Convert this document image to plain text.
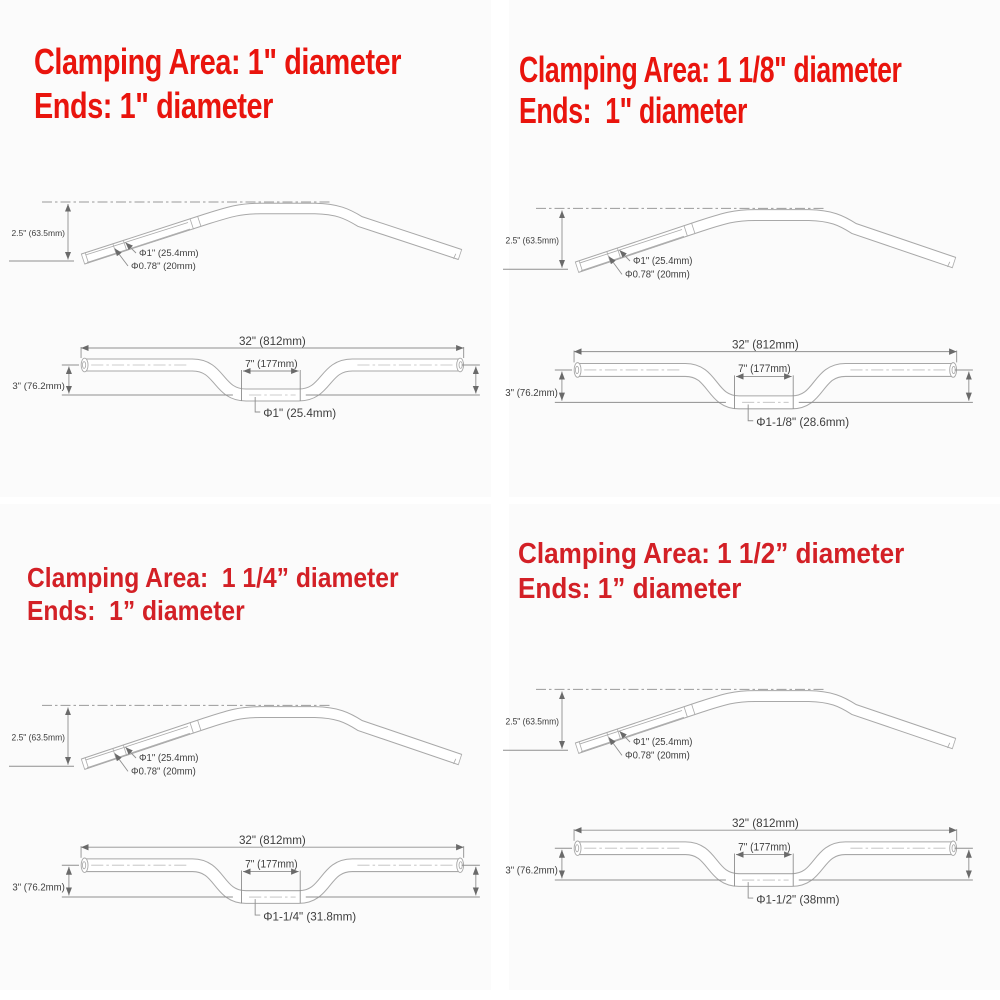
Clamping Area: 1" diameter
Ends: 1" diameter
2.5" (63.5mm)
Φ1" (25.4mm)
Φ0.78" (20mm)
32" (812mm)
7" (177mm)
3" (76.2mm)
Φ1" (25.4mm)
Clamping Area: 1 1/8" diameter
Ends:  1" diameter
2.5" (63.5mm)
Φ1" (25.4mm)
Φ0.78" (20mm)
32" (812mm)
7" (177mm)
3" (76.2mm)
Φ1-1/8" (28.6mm)
Clamping Area:  1 1/4” diameter
Ends:  1” diameter
2.5" (63.5mm)
Φ1" (25.4mm)
Φ0.78" (20mm)
32" (812mm)
7" (177mm)
3" (76.2mm)
Φ1-1/4" (31.8mm)
Clamping Area: 1 1/2” diameter
Ends: 1” diameter
2.5" (63.5mm)
Φ1" (25.4mm)
Φ0.78" (20mm)
32" (812mm)
7" (177mm)
3" (76.2mm)
Φ1-1/2" (38mm)
